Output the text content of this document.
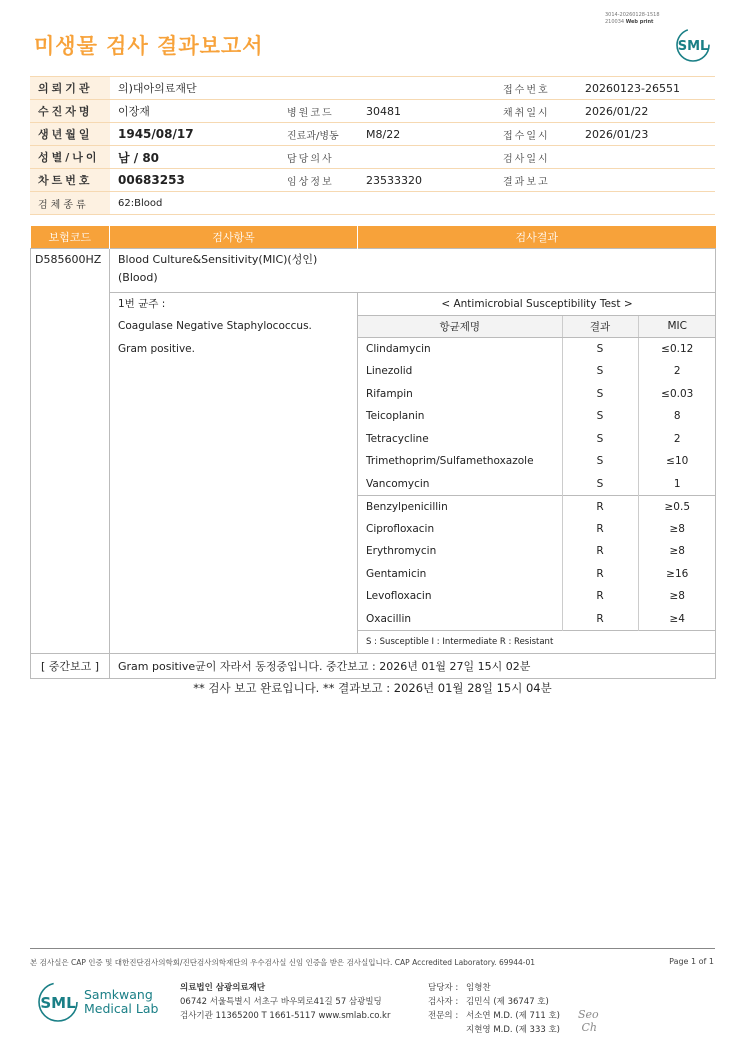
미생물 검사 결과보고서
3014-20260128-1518
210034 Web print
SML
의뢰기관	의)대아의료재단			접수번호	20260123-26551
수진자명	이장재	병원코드	30481	채취일시	2026/01/22
생년월일	1945/08/17	진료과/병동	M8/22	접수일시	2026/01/23
성별/나이	남 / 80	담당의사		검사일시	
차트번호	00683253	임상정보	23533320	결과보고	
검체종류	62:Blood				
보험코드	검사항목	검사결과
D585600HZ	Blood Culture&Sensitivity(MIC)(성인)
(Blood)

1번 균주 :
Coagulase Negative Staphylococcus.
Gram positive.

< Antimicrobial Susceptibility Test >
항균제명	결과	MIC
Clindamycin	S	≤0.12
Linezolid	S	2
Rifampin	S	≤0.03
Teicoplanin	S	8
Tetracycline	S	2
Trimethoprim/Sulfamethoxazole	S	≤10
Vancomycin	S	1
Benzylpenicillin	R	≥0.5
Ciprofloxacin	R	≥8
Erythromycin	R	≥8
Gentamicin	R	≥16
Levofloxacin	R	≥8
Oxacillin	R	≥4
S : Susceptible I : Intermediate R : Resistant

[ 중간보고 ]	Gram positive균이 자라서 동정중입니다. 중간보고 : 2026년 01월 27일 15시 02분
** 검사 보고 완료입니다. ** 결과보고 : 2026년 01월 28일 15시 04분
본 검사실은 CAP 인증 및 대한진단검사의학회/진단검사의학재단의 우수검사실 신임 인증을 받은 검사실입니다. CAP Accredited Laboratory. 69944-01	Page 1 of 1
SML Samkwang
Medical Lab
의료법인 삼광의료재단
06742 서울특별시 서초구 바우뫼로41길 57 삼광빌딩
검사기관 11365200 T 1661-5117 www.smlab.co.kr
담당자 : 임형찬
검사자 : 김민식 (제 36747 호)
전문의 : 서소연 M.D. (제 711 호)
지현영 M.D. (제 333 호)
Seo
Ch
